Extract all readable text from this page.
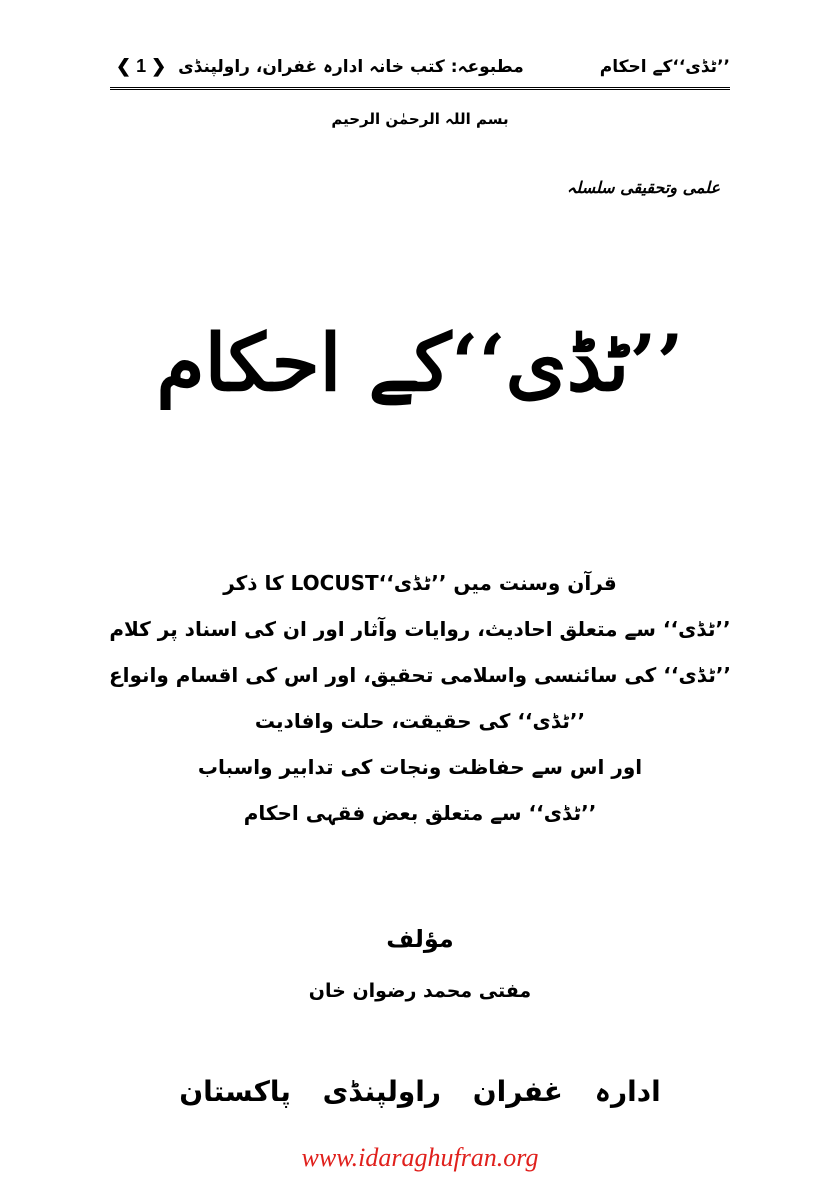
’’ٹڈی‘‘کے احکام
مطبوعہ: کتب خانہ ادارہ غفران، راولپنڈی ❮ 1 ❯
بسم اللہ الرحمٰن الرحیم
علمی وتحقیقی سلسلہ
’’ٹڈی‘‘کے احکام
قرآن وسنت میں ’’ٹڈی‘‘LOCUST کا ذکر
’’ٹڈی‘‘ سے متعلق احادیث، روایات وآثار اور ان کی اسناد پر کلام
’’ٹڈی‘‘ کی سائنسی واسلامی تحقیق، اور اس کی اقسام وانواع
’’ٹڈی‘‘ کی حقیقت، حلت وافادیت
اور اس سے حفاظت ونجات کی تدابیر واسباب
’’ٹڈی‘‘ سے متعلق بعض فقہی احکام
مؤلف
مفتی محمد رضوان خان
ادارہ غفران راولپنڈی پاکستان
www.idaraghufran.org
